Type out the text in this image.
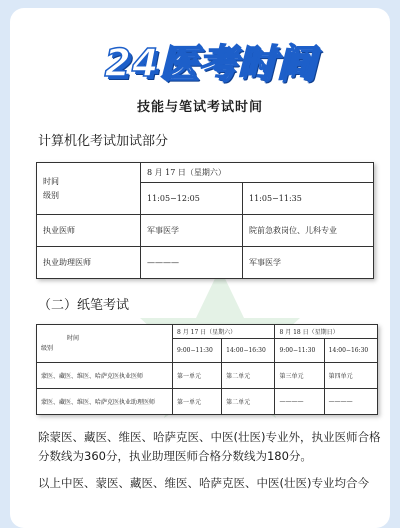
24医考时间
技能与笔试考试时间
计算机化考试加试部分
时间
级别	8 月 17 日（星期六）	
	11:05−12:05	11:05−11:35
执业医师	军事医学	院前急救岗位、儿科专业
执业助理医师	————	军事医学
（二）纸笔考试
时间
级别	8 月 17 日（星期六）		8 月 18 日（星期日）	
	9:00−11:30	14:00−16:30	9:00−11:30	14:00−16:30
蒙医、藏医、维医、哈萨克医执业医师	第一单元	第二单元	第三单元	第四单元
蒙医、藏医、维医、哈萨克医执业助理医师	第一单元	第二单元	————	————
除蒙医、藏医、维医、哈萨克医、中医(壮医)专业外，执业医师合格分数线为360分，执业助理医师合格分数线为180分。
以上中医、蒙医、藏医、维医、哈萨克医、中医(壮医)专业均合今
